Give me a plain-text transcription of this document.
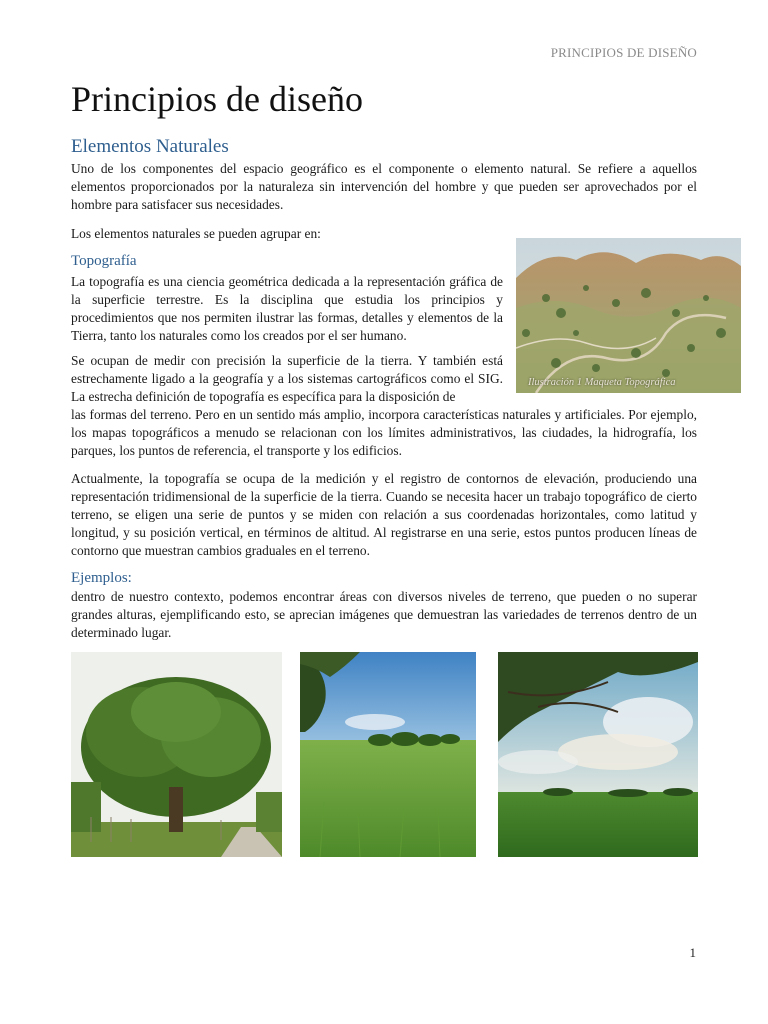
PRINCIPIOS DE DISEÑO
Principios de diseño
Elementos Naturales

Uno de los componentes del espacio geográfico es el componente o elemento natural. Se refiere a aquellos elementos proporcionados por la naturaleza sin intervención del hombre y que pueden ser aprovechados por el hombre para satisfacer sus necesidades.

Los elementos naturales se pueden agrupar en:

Topografía

La topografía es una ciencia geométrica dedicada a la representación gráfica de la superficie terrestre. Es la disciplina que estudia los principios y procedimientos que nos permiten ilustrar las formas, detalles y elementos de la Tierra, tanto los naturales como los creados por el ser humano.

Se ocupan de medir con precisión la superficie de la tierra. Y también está estrechamente ligado a la geografía y a los sistemas cartográficos como el SIG. La estrecha definición de topografía es específica para la disposición de

las formas del terreno. Pero en un sentido más amplio, incorpora características naturales y artificiales. Por ejemplo, los mapas topográficos a menudo se relacionan con los límites administrativos, las ciudades, la hidrografía, los parques, los puntos de referencia, el transporte y los edificios.

Actualmente, la topografía se ocupa de la medición y el registro de contornos de elevación, produciendo una representación tridimensional de la superficie de la tierra. Cuando se necesita hacer un trabajo topográfico de cierto terreno, se eligen una serie de puntos y se miden con relación a sus coordenadas horizontales, como latitud y longitud, y su posición vertical, en términos de altitud. Al registrarse en una serie, estos puntos producen líneas de contorno que muestran cambios graduales en el terreno.

Ilustración 1 Maqueta Topográfica
Ejemplos:

dentro de nuestro contexto, podemos encontrar áreas con diversos niveles de terreno, que pueden o no superar grandes alturas, ejemplificando esto, se aprecian imágenes que demuestran las variedades de terrenos dentro de un determinado lugar.

1
